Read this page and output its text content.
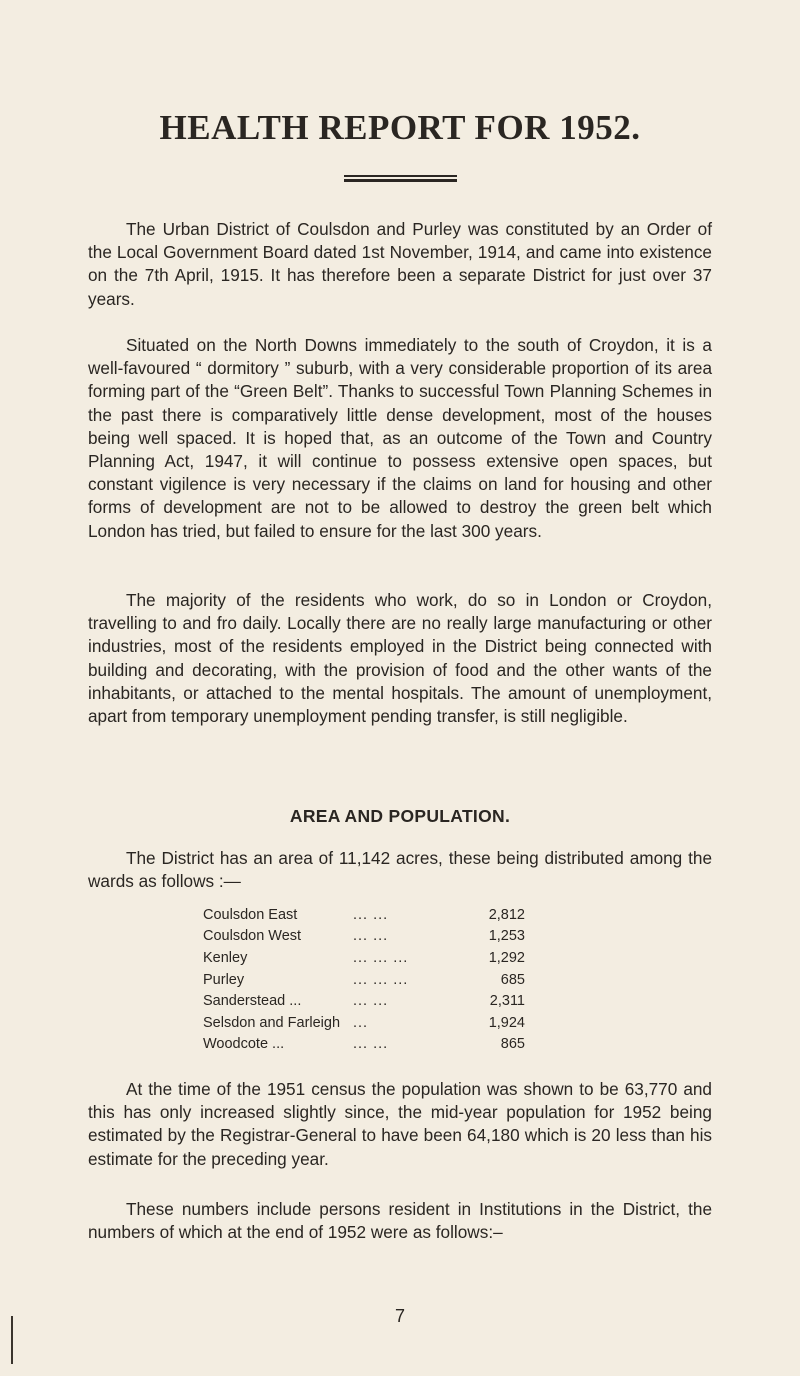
HEALTH REPORT FOR 1952.

The Urban District of Coulsdon and Purley was constituted by an Order of the Local Government Board dated 1st November, 1914, and came into existence on the 7th April, 1915. It has therefore been a separate District for just over 37 years.

Situated on the North Downs immediately to the south of Croydon, it is a well-favoured “ dormitory ” suburb, with a very considerable proportion of its area forming part of the “Green Belt”. Thanks to successful Town Planning Schemes in the past there is comparatively little dense development, most of the houses being well spaced. It is hoped that, as an outcome of the Town and Country Planning Act, 1947, it will continue to possess extensive open spaces, but constant vigilence is very necessary if the claims on land for housing and other forms of development are not to be allowed to destroy the green belt which London has tried, but failed to ensure for the last 300 years.

The majority of the residents who work, do so in London or Croydon, travelling to and fro daily. Locally there are no really large manufacturing or other industries, most of the residents employed in the District being connected with building and decorating, with the provision of food and the other wants of the inhabitants, or attached to the mental hospitals. The amount of unemployment, apart from temporary unemployment pending transfer, is still negligible.

AREA AND POPULATION.

The District has an area of 11,142 acres, these being distributed among the wards as follows :—

Coulsdon East	... ...	2,812
Coulsdon West	... ...	1,253
Kenley	... ... ...	1,292
Purley	... ... ...	685
Sanderstead ...	... ...	2,311
Selsdon and Farleigh	...	1,924
Woodcote ...	... ...	865

At the time of the 1951 census the population was shown to be 63,770 and this has only increased slightly since, the mid-year population for 1952 being estimated by the Registrar-General to have been 64,180 which is 20 less than his estimate for the preceding year.

These numbers include persons resident in Institutions in the District, the numbers of which at the end of 1952 were as follows:–

7
